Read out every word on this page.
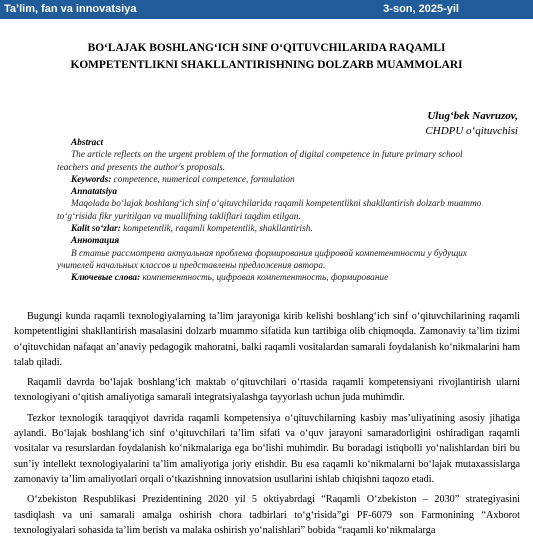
Ta’lim, fan va innovatsiya	3-son, 2025-yil
BOʻLAJAK BOSHLANGʻICH SINF OʻQITUVCHILARIDA RAQAMLI
KOMPETENTLIKNI SHAKLLANTIRISHNING DOLZARB MUAMMOLARI
Ulugʻbek Navruzov,
CHDPU oʻqituvchisi

Abstract

The article reflects on the urgent problem of the formation of digital competence in future primary school

teachers and presents the author's proposals.

Keywords: competence, numerical competence, formulation

Annatatsiya

Maqolada boʻlajak boshlangʻich sinf oʻqituvchilarida raqamli kompetentlikni shakllantirish dolzarb muammo

toʻgʻrisida fikr yuritilgan va muallifning takliflari taqdim etilgan.

Kalit soʻzlar: kompetentlik, raqamli kompetentlik, shakllantirish.

Аннотация

В статье рассмотрена актуальная проблема формирования цифровой компетентности у будущих

учителей начальных классов и представлены предложения автора.

Ключевые слова: компетентность, цифровая компетентность, формирование

Bugungi kunda raqamli texnologiyalarning taʼlim jarayoniga kirib kelishi boshlangʻich sinf oʻqituvchilarining raqamli kompetentligini shakllantirish masalasini dolzarb muammo sifatida kun tartibiga olib chiqmoqda. Zamonaviy taʼlim tizimi oʻqituvchidan nafaqat anʼanaviy pedagogik mahoratni, balki raqamli vositalardan samarali foydalanish koʻnikmalarini ham talab qiladi.

Raqamli davrda boʻlajak boshlangʻich maktab oʻqituvchilari oʻrtasida raqamli kompetensiyani rivojlantirish ularni texnologiyani oʻqitish amaliyotiga samarali integratsiyalashga tayyorlash uchun juda muhimdir.

Tezkor texnologik taraqqiyot davrida raqamli kompetensiya oʻqituvchilarning kasbiy masʼuliyatining asosiy jihatiga aylandi. Boʻlajak boshlangʻich sinf oʻqituvchilari taʼlim sifati va oʻquv jarayoni samaradorligini oshiradigan raqamli vositalar va resurslardan foydalanish koʻnikmalariga ega boʻlishi muhimdir. Bu boradagi istiqbolli yoʻnalishlardan biri bu sunʼiy intellekt texnologiyalarini taʼlim amaliyotiga joriy etishdir. Bu esa raqamli koʻnikmalarni boʻlajak mutaxassislarga zamonaviy taʼlim amaliyotlari orqali oʻtkazishning innovatsion usullarini ishlab chiqishni taqozo etadi.

Oʻzbekiston Respublikasi Prezidentining 2020 yil 5 oktiyabrdagi “Raqamli Oʻzbekiston – 2030” strategiyasini tasdiqlash va uni samarali amalga oshirish chora tadbirlari toʻgʻrisida”gi PF-6079 son Farmonining “Axborot texnologiyalari sohasida taʼlim berish va malaka oshirish yoʻnalishlari” bobida “raqamli koʻnikmalarga
